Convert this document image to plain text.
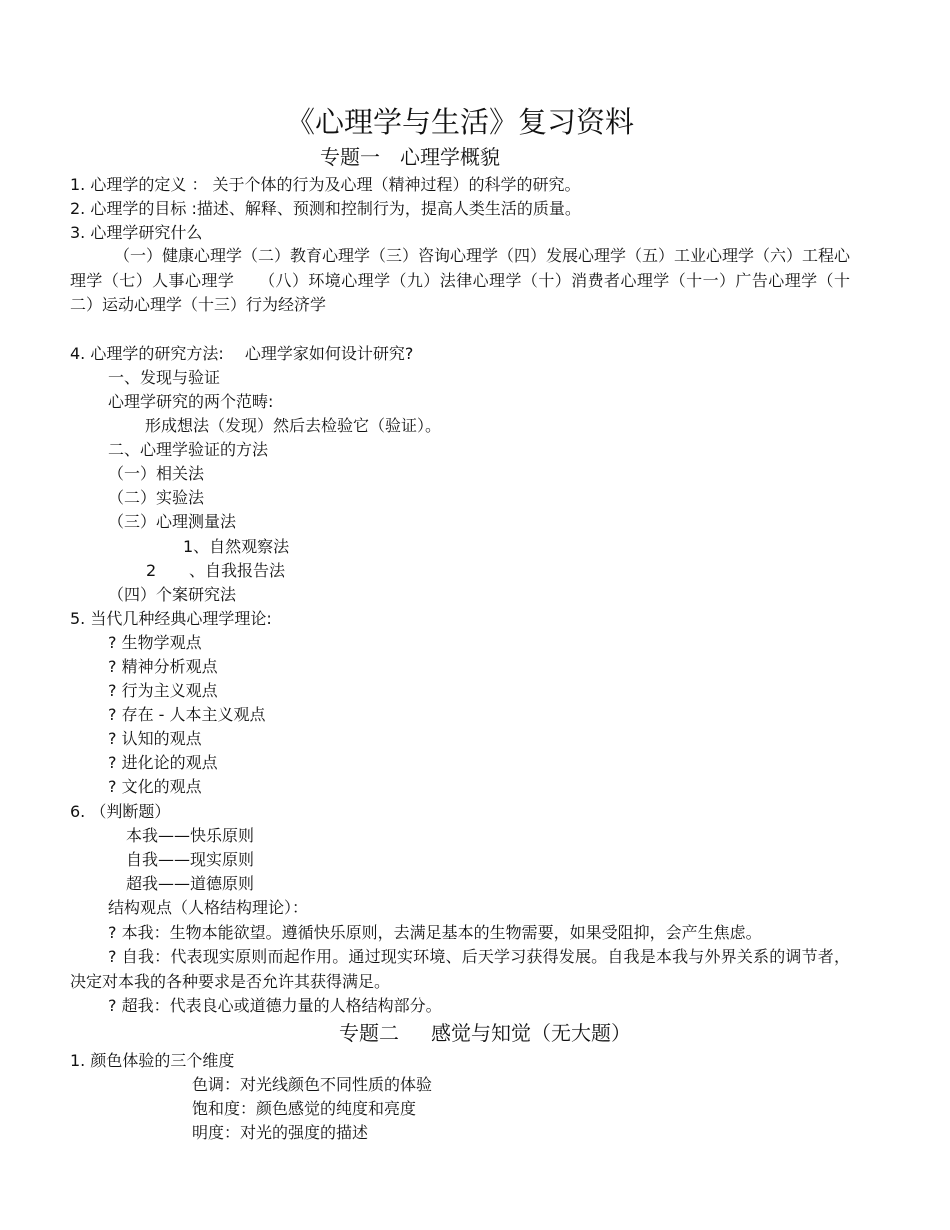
《心理学与生活》复习资料
专题一　心理学概貌
1. 心理学的定义 ： 关于个体的行为及心理（精神过程）的科学的研究。
2. 心理学的目标 :描述、解释、预测和控制行为，提高人类生活的质量。
3. 心理学研究什么
（一）健康心理学（二）教育心理学（三）咨询心理学（四）发展心理学（五）工业心理学（六）工程心理学（七）人事心理学　　（八）环境心理学（九）法律心理学（十）消费者心理学（十一）广告心理学（十二）运动心理学（十三）行为经济学
4. 心理学的研究方法:　 心理学家如何设计研究?
一、发现与验证
心理学研究的两个范畴:
形成想法（发现）然后去检验它（验证）。
二、心理学验证的方法
（一）相关法
（二）实验法
（三）心理测量法
1、自然观察法
2 、自我报告法
（四）个案研究法
5. 当代几种经典心理学理论:
? 生物学观点
? 精神分析观点
? 行为主义观点
? 存在 - 人本主义观点
? 认知的观点
? 进化论的观点
? 文化的观点
6. （判断题）
本我——快乐原则
自我——现实原则
超我——道德原则
结构观点（人格结构理论）：
? 本我：生物本能欲望。遵循快乐原则，去满足基本的生物需要，如果受阻抑，会产生焦虑。
? 自我：代表现实原则而起作用。通过现实环境、后天学习获得发展。自我是本我与外界关系的调节者，决定对本我的各种要求是否允许其获得满足。
? 超我：代表良心或道德力量的人格结构部分。
专题二 感觉与知觉（无大题）
1. 颜色体验的三个维度
色调：对光线颜色不同性质的体验
饱和度：颜色感觉的纯度和亮度
明度：对光的强度的描述
